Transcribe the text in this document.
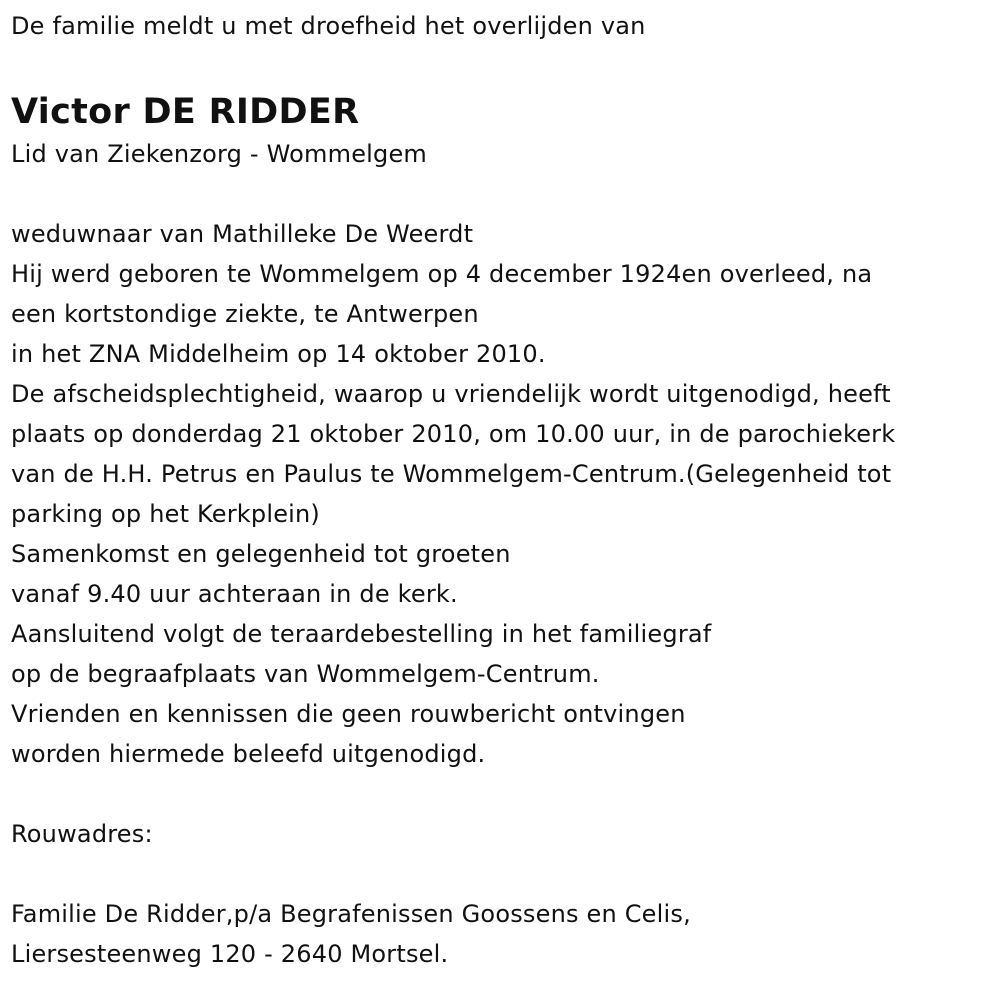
De familie meldt u met droefheid het overlijden van
Victor DE RIDDER
Lid van Ziekenzorg - Wommelgem
weduwnaar van Mathilleke De Weerdt
Hij werd geboren te Wommelgem op 4 december 1924en overleed, na
een kortstondige ziekte, te Antwerpen
in het ZNA Middelheim op 14 oktober 2010.
De afscheidsplechtigheid, waarop u vriendelijk wordt uitgenodigd, heeft
plaats op donderdag 21 oktober 2010, om 10.00 uur, in de parochiekerk
van de H.H. Petrus en Paulus te Wommelgem-Centrum.(Gelegenheid tot
parking op het Kerkplein)
Samenkomst en gelegenheid tot groeten
vanaf 9.40 uur achteraan in de kerk.
Aansluitend volgt de teraardebestelling in het familiegraf
op de begraafplaats van Wommelgem-Centrum.
Vrienden en kennissen die geen rouwbericht ontvingen
worden hiermede beleefd uitgenodigd.
Rouwadres:
Familie De Ridder,p/a Begrafenissen Goossens en Celis,
Liersesteenweg 120 - 2640 Mortsel.
